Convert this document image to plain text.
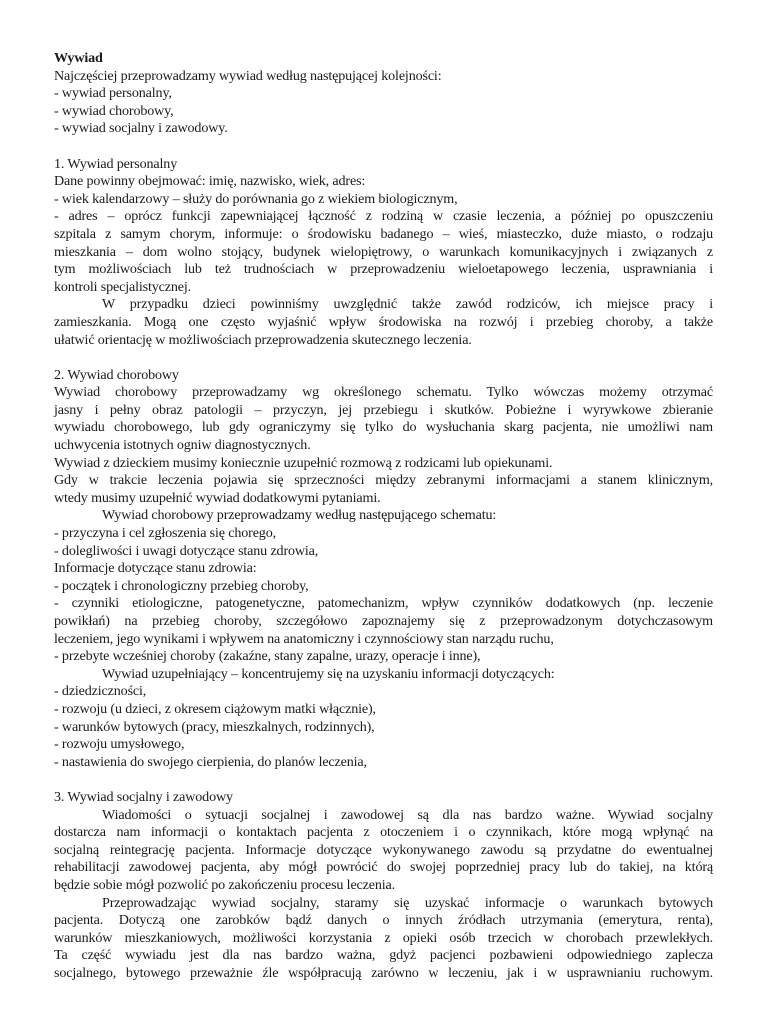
Wywiad
Najczęściej przeprowadzamy wywiad według następującej kolejności:
- wywiad personalny,
- wywiad chorobowy,
- wywiad socjalny i zawodowy.
1. Wywiad personalny
Dane powinny obejmować: imię, nazwisko, wiek, adres:
- wiek kalendarzowy – służy do porównania go z wiekiem biologicznym,
- adres – oprócz funkcji zapewniającej łączność z rodziną w czasie leczenia, a później po opuszczeniu
szpitala z samym chorym, informuje: o środowisku badanego – wieś, miasteczko, duże miasto, o rodzaju
mieszkania – dom wolno stojący, budynek wielopiętrowy, o warunkach komunikacyjnych i związanych z
tym możliwościach lub też trudnościach w przeprowadzeniu wieloetapowego leczenia, usprawniania i
kontroli specjalistycznej.
W przypadku dzieci powinniśmy uwzględnić także zawód rodziców, ich miejsce pracy i
zamieszkania. Mogą one często wyjaśnić wpływ środowiska na rozwój i przebieg choroby, a także
ułatwić orientację w możliwościach przeprowadzenia skutecznego leczenia.
2. Wywiad chorobowy
Wywiad chorobowy przeprowadzamy wg określonego schematu. Tylko wówczas możemy otrzymać
jasny i pełny obraz patologii – przyczyn, jej przebiegu i skutków. Pobieżne i wyrywkowe zbieranie
wywiadu chorobowego, lub gdy ograniczymy się tylko do wysłuchania skarg pacjenta, nie umożliwi nam
uchwycenia istotnych ogniw diagnostycznych.
Wywiad z dzieckiem musimy koniecznie uzupełnić rozmową z rodzicami lub opiekunami.
Gdy w trakcie leczenia pojawia się sprzeczności między zebranymi informacjami a stanem klinicznym,
wtedy musimy uzupełnić wywiad dodatkowymi pytaniami.
Wywiad chorobowy przeprowadzamy według następującego schematu:
- przyczyna i cel zgłoszenia się chorego,
- dolegliwości i uwagi dotyczące stanu zdrowia,
Informacje dotyczące stanu zdrowia:
- początek i chronologiczny przebieg choroby,
- czynniki etiologiczne, patogenetyczne, patomechanizm, wpływ czynników dodatkowych (np. leczenie
powikłań) na przebieg choroby, szczegółowo zapoznajemy się z przeprowadzonym dotychczasowym
leczeniem, jego wynikami i wpływem na anatomiczny i czynnościowy stan narządu ruchu,
- przebyte wcześniej choroby (zakaźne, stany zapalne, urazy, operacje i inne),
Wywiad uzupełniający – koncentrujemy się na uzyskaniu informacji dotyczących:
- dziedziczności,
- rozwoju (u dzieci, z okresem ciążowym matki włącznie),
- warunków bytowych (pracy, mieszkalnych, rodzinnych),
- rozwoju umysłowego,
- nastawienia do swojego cierpienia, do planów leczenia,
3. Wywiad socjalny i zawodowy
Wiadomości o sytuacji socjalnej i zawodowej są dla nas bardzo ważne. Wywiad socjalny
dostarcza nam informacji o kontaktach pacjenta z otoczeniem i o czynnikach, które mogą wpłynąć na
socjalną reintegrację pacjenta. Informacje dotyczące wykonywanego zawodu są przydatne do ewentualnej
rehabilitacji zawodowej pacjenta, aby mógł powrócić do swojej poprzedniej pracy lub do takiej, na którą
będzie sobie mógł pozwolić po zakończeniu procesu leczenia.
Przeprowadzając wywiad socjalny, staramy się uzyskać informacje o warunkach bytowych
pacjenta. Dotyczą one zarobków bądź danych o innych źródłach utrzymania (emerytura, renta),
warunków mieszkaniowych, możliwości korzystania z opieki osób trzecich w chorobach przewlekłych.
Ta część wywiadu jest dla nas bardzo ważna, gdyż pacjenci pozbawieni odpowiedniego zaplecza
socjalnego, bytowego przeważnie źle współpracują zarówno w leczeniu, jak i w usprawnianiu ruchowym.
